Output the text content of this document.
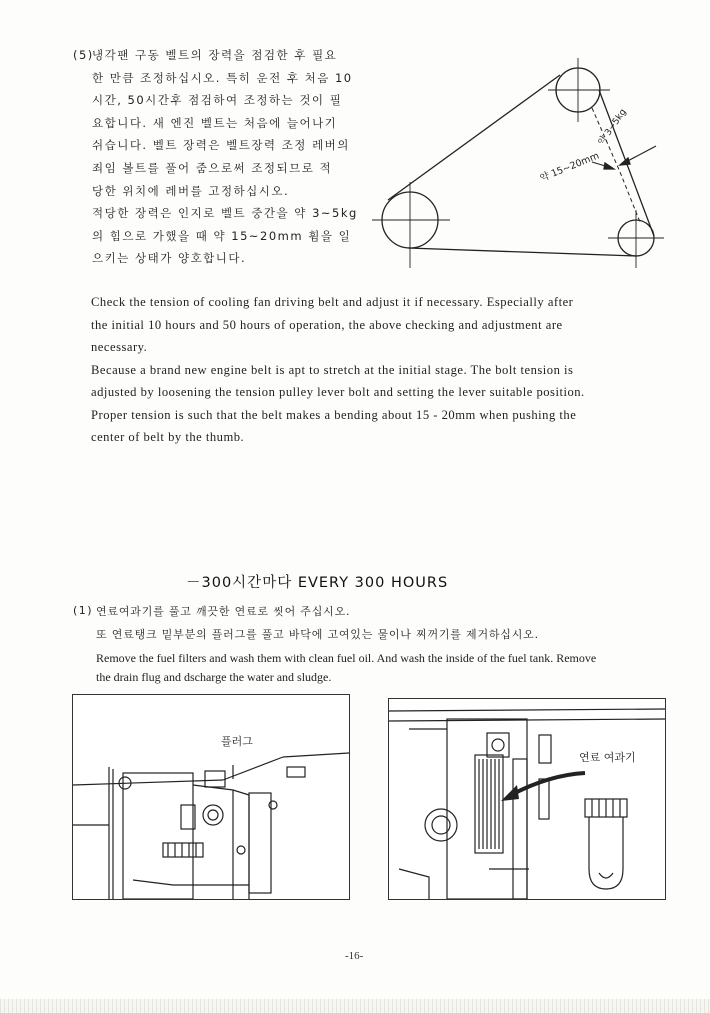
(5)
냉각팬 구동 벨트의 장력을 점검한 후 필요
한 만큼 조정하십시오. 특히 운전 후 처음 10
시간, 50시간후 점검하여 조정하는 것이 필
요합니다. 새 엔진 벨트는 처음에 늘어나기
쉬습니다. 벨트 장력은 벨트장력 조정 레버의
죄임 볼트를 풀어 줌으로써 조정되므로 적
당한 위치에 레버를 고정하십시오.
적당한 장력은 인지로 벨트 중간을 약 3~5kg
의 힘으로 가했을 때 약 15~20mm 휨을 일
으키는 상태가 양호합니다.
약 3~5kg
약 15~20mm
Check the tension of cooling fan driving belt and adjust it if necessary. Especially after
the initial 10 hours and 50 hours of operation, the above checking and adjustment are
necessary.
Because a brand new engine belt is apt to stretch at the initial stage. The bolt tension is
adjusted by loosening the tension pulley lever bolt and setting the lever suitable position.
Proper tension is such that the belt makes a bending about 15 - 20mm when pushing the
center of belt by the thumb.
－300시간마다 EVERY 300 HOURS
(1) 연료여과기를 풀고 깨끗한 연료로 씻어 주십시오.
또 연료탱크 밑부분의 플러그를 풀고 바닥에 고여있는 물이나 찌꺼기를 제거하십시오.
Remove the fuel filters and wash them with clean fuel oil. And wash the inside of the fuel tank. Remove
the drain flug and dscharge the water and sludge.
플러그
연료 여과기
-16-
